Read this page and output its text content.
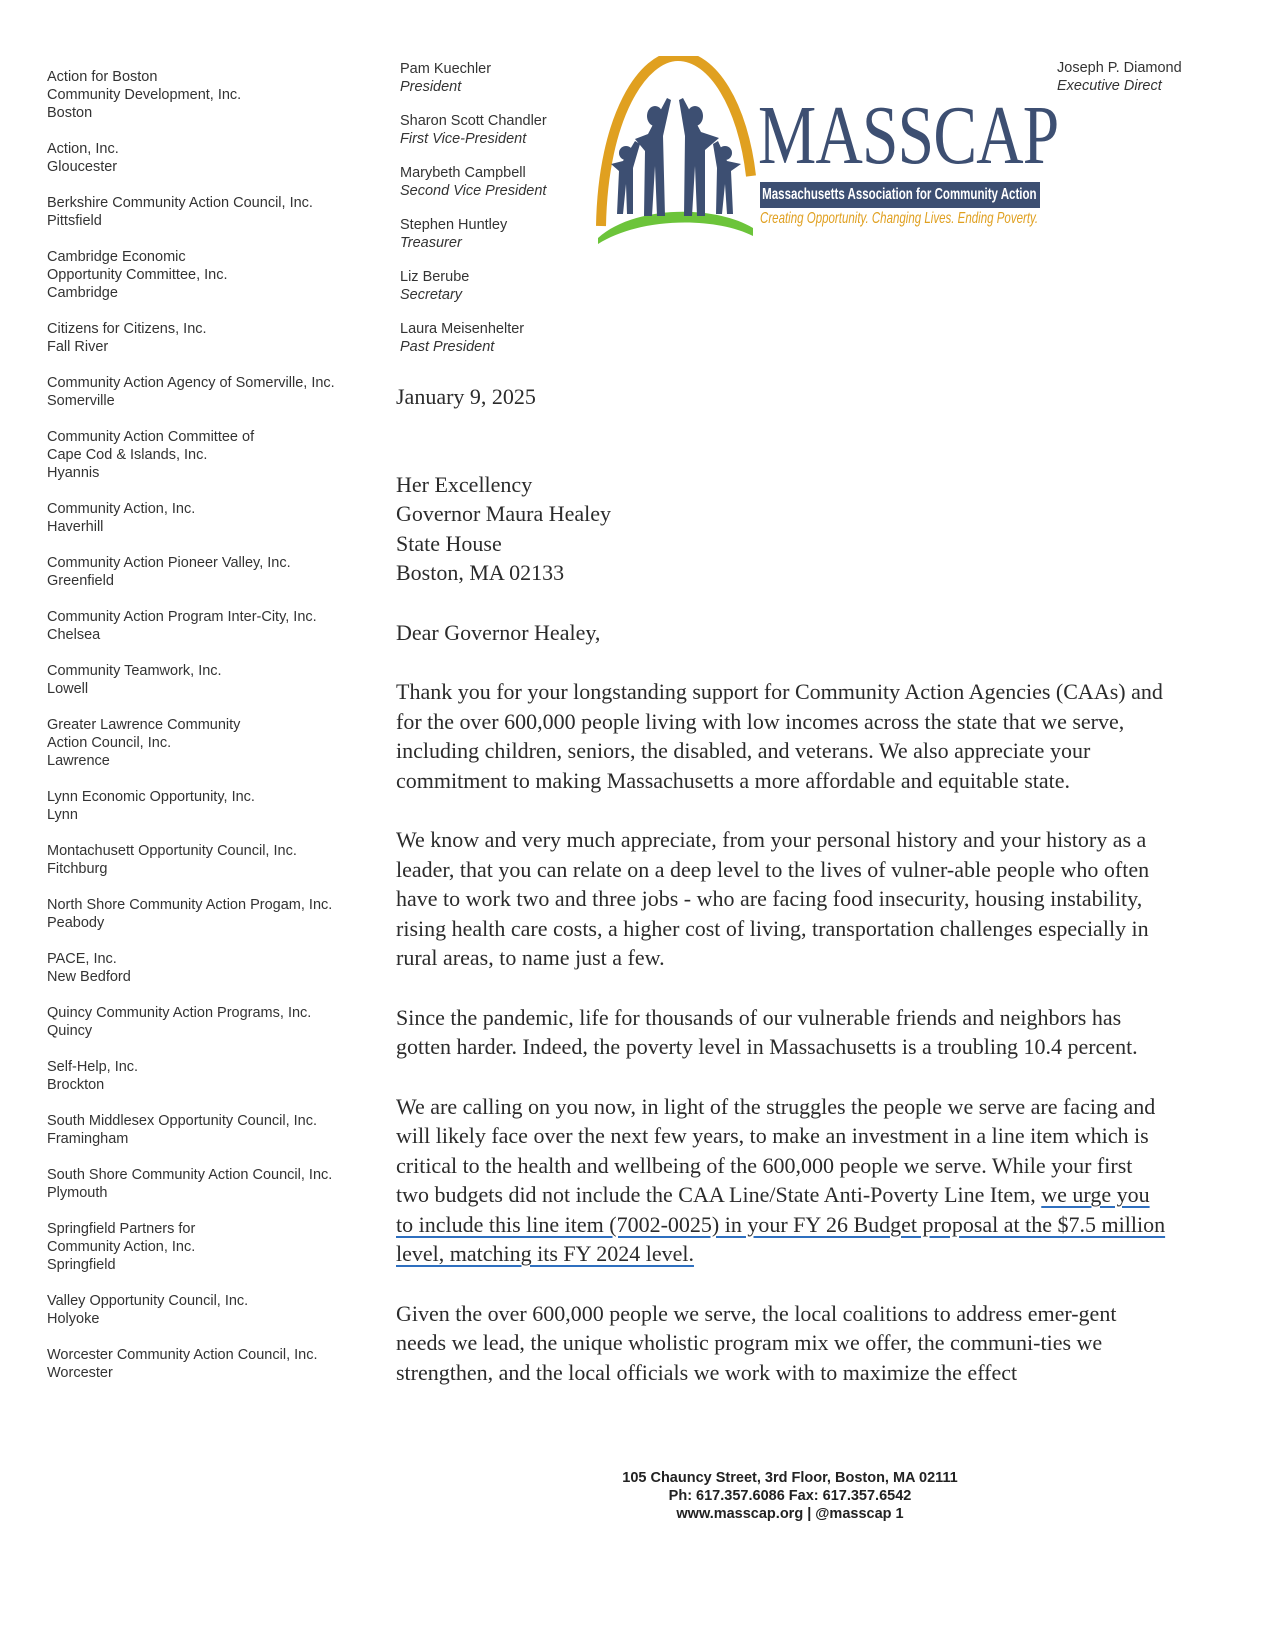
Action for Boston
Community Development, Inc.
Boston
Action, Inc.
Gloucester
Berkshire Community Action Council, Inc.
Pittsfield
Cambridge Economic
Opportunity Committee, Inc.
Cambridge
Citizens for Citizens, Inc.
Fall River
Community Action Agency of Somerville, Inc.
Somerville
Community Action Committee of
Cape Cod & Islands, Inc.
Hyannis
Community Action, Inc.
Haverhill
Community Action Pioneer Valley, Inc.
Greenfield
Community Action Program Inter-City, Inc.
Chelsea
Community Teamwork, Inc.
Lowell
Greater Lawrence Community
Action Council, Inc.
Lawrence
Lynn Economic Opportunity, Inc.
Lynn
Montachusett Opportunity Council, Inc.
Fitchburg
North Shore Community Action Progam, Inc.
Peabody
PACE, Inc.
New Bedford
Quincy Community Action Programs, Inc.
Quincy
Self-Help, Inc.
Brockton
South Middlesex Opportunity Council, Inc.
Framingham
South Shore Community Action Council, Inc.
Plymouth
Springfield Partners for
Community Action, Inc.
Springfield
Valley Opportunity Council, Inc.
Holyoke
Worcester Community Action Council, Inc.
Worcester
Pam Kuechler
President
Sharon Scott Chandler
First Vice-President
Marybeth Campbell
Second Vice President
Stephen Huntley
Treasurer
Liz Berube
Secretary
Laura Meisenhelter
Past President
MASSCAP
Massachusetts Association for Community Action
Creating Opportunity. Changing Lives. Ending Poverty.
Joseph P. Diamond
Executive Direct
January 9, 2025
Her Excellency
Governor Maura Healey
State House
Boston, MA 02133
Dear Governor Healey,

Thank you for your longstanding support for Community Action Agencies (CAAs) and for the over 600,000 people living with low incomes across the state that we serve, including children, seniors, the disabled, and veterans. We also appreciate your commitment to making Massachusetts a more affordable and equitable state.

We know and very much appreciate, from your personal history and your history as a leader, that you can relate on a deep level to the lives of vulner-able people who often have to work two and three jobs - who are facing food insecurity, housing instability, rising health care costs, a higher cost of living, transportation challenges especially in rural areas, to name just a few.

Since the pandemic, life for thousands of our vulnerable friends and neighbors has gotten harder. Indeed, the poverty level in Massachusetts is a troubling 10.4 percent.

We are calling on you now, in light of the struggles the people we serve are facing and will likely face over the next few years, to make an investment in a line item which is critical to the health and wellbeing of the 600,000 people we serve. While your first two budgets did not include the CAA Line/State Anti-Poverty Line Item, we urge you to include this line item (7002-0025) in your FY 26 Budget proposal at the $7.5 million level, matching its FY 2024 level.

Given the over 600,000 people we serve, the local coalitions to address emer-gent needs we lead, the unique wholistic program mix we offer, the communi-ties we strengthen, and the local officials we work with to maximize the effect

105 Chauncy Street, 3rd Floor, Boston, MA 02111
Ph: 617.357.6086 Fax: 617.357.6542
www.masscap.org | @masscap 1
